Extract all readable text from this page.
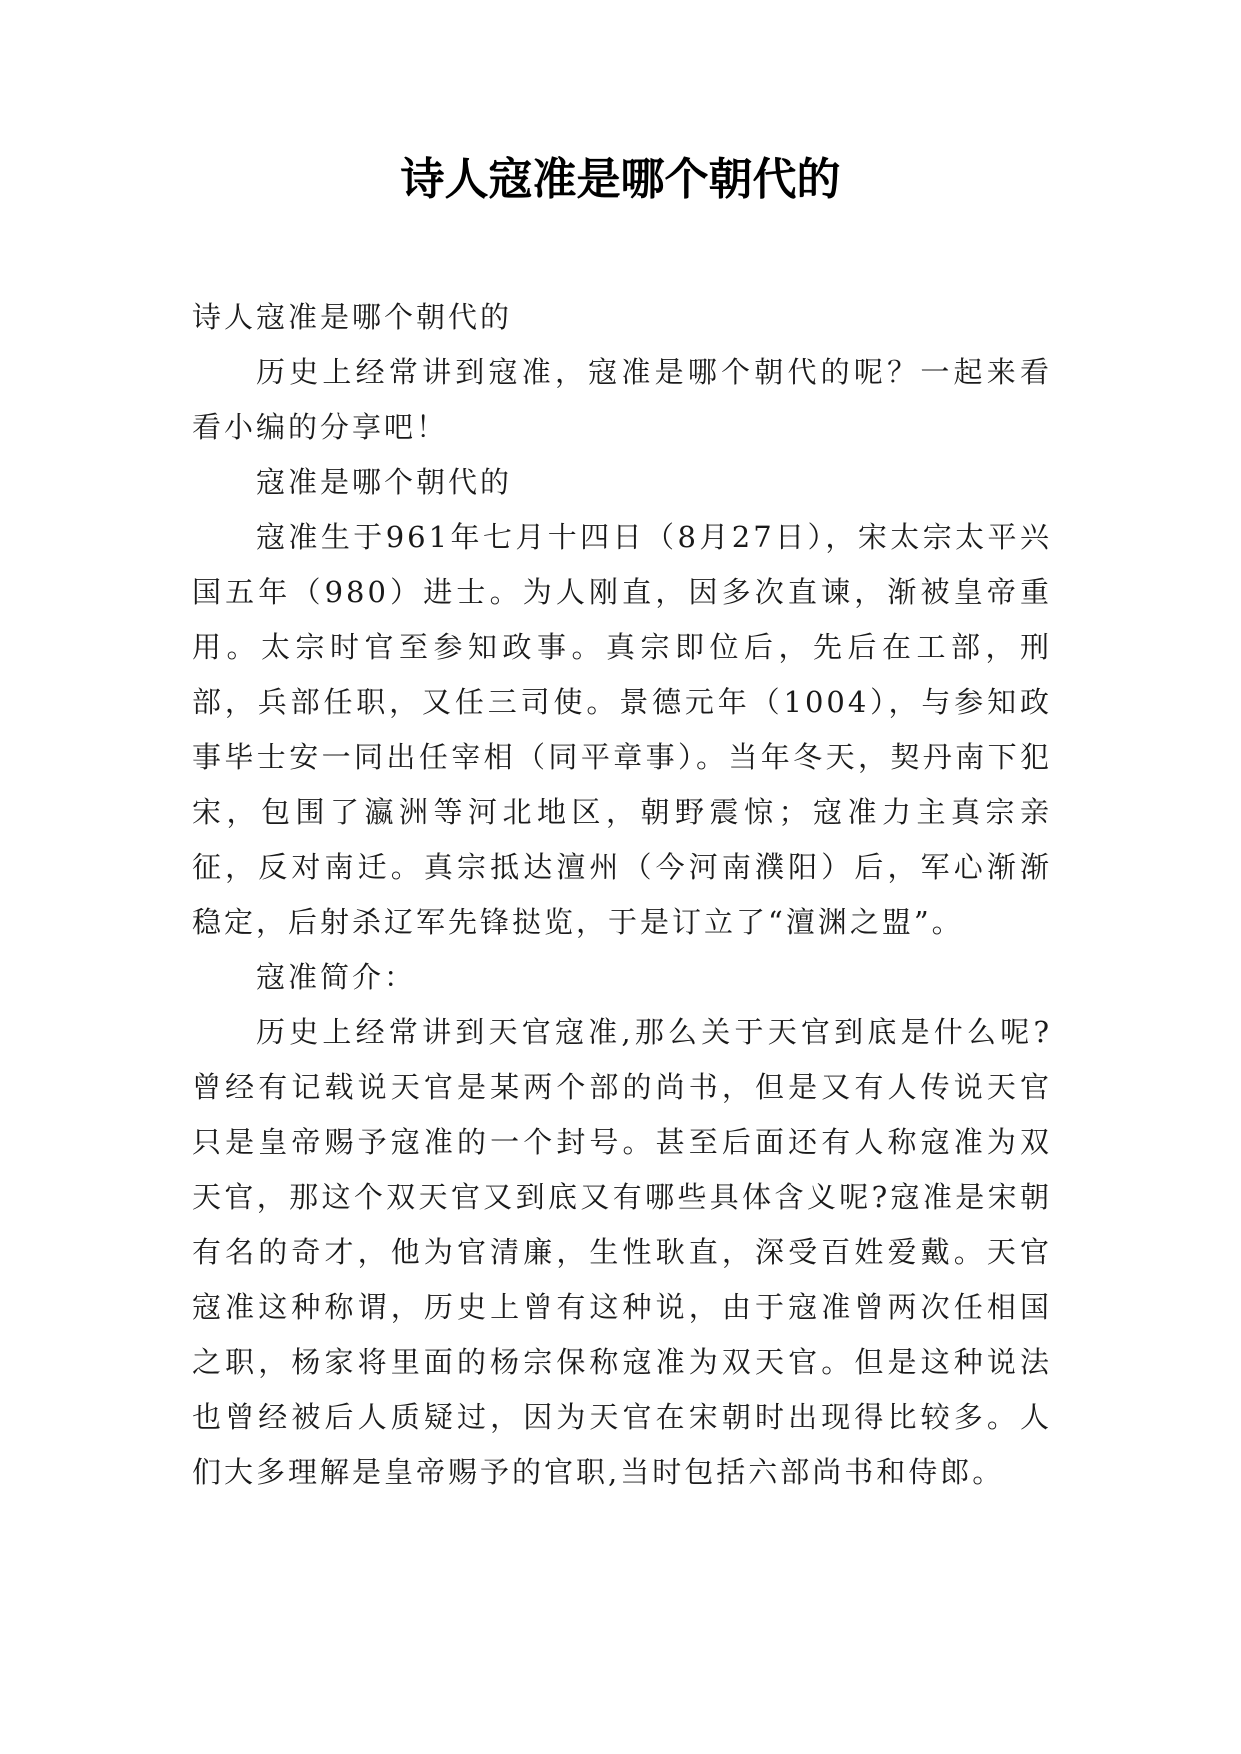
诗人寇准是哪个朝代的

诗人寇准是哪个朝代的

历史上经常讲到寇准，寇准是哪个朝代的呢？一起来看看小编的分享吧！

寇准是哪个朝代的

寇准生于961年七月十四日（8月27日），宋太宗太平兴国五年（980）进士。为人刚直，因多次直谏，渐被皇帝重用。太宗时官至参知政事。真宗即位后，先后在工部，刑部，兵部任职，又任三司使。景德元年（1004），与参知政事毕士安一同出任宰相（同平章事）。当年冬天，契丹南下犯宋，包围了瀛洲等河北地区，朝野震惊；寇准力主真宗亲征，反对南迁。真宗抵达澶州（今河南濮阳）后，军心渐渐稳定，后射杀辽军先锋挞览，于是订立了“澶渊之盟”。

寇准简介：

历史上经常讲到天官寇准,那么关于天官到底是什么呢?曾经有记载说天官是某两个部的尚书，但是又有人传说天官只是皇帝赐予寇准的一个封号。甚至后面还有人称寇准为双天官，那这个双天官又到底又有哪些具体含义呢?寇准是宋朝有名的奇才，他为官清廉，生性耿直，深受百姓爱戴。天官寇准这种称谓，历史上曾有这种说，由于寇准曾两次任相国之职，杨家将里面的杨宗保称寇准为双天官。但是这种说法也曾经被后人质疑过，因为天官在宋朝时出现得比较多。人们大多理解是皇帝赐予的官职,当时包括六部尚书和侍郎。
